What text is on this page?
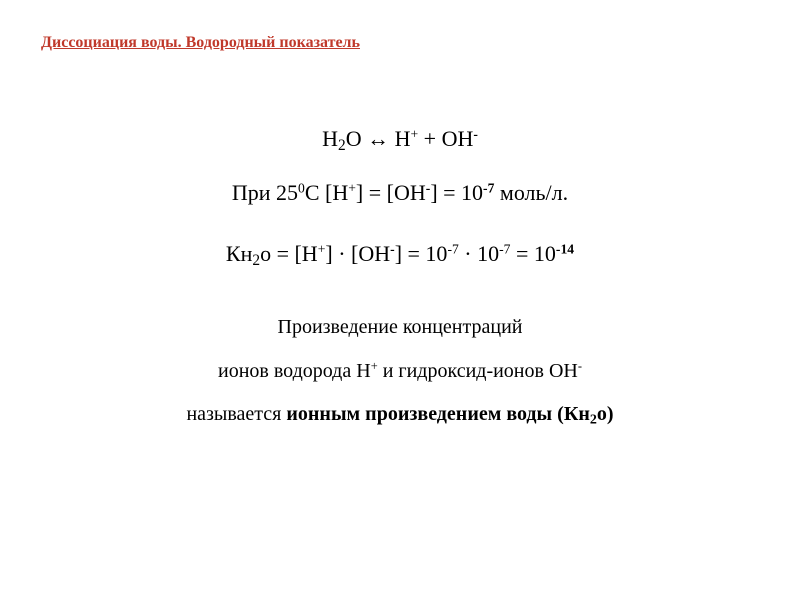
Диссоциация воды. Водородный показатель
$H_2O$ ↔ H+ + OH-
При $25^0С$ $[H^+] = [OH^-] = 10^{-7}$ моль/л.
$Кн_2о = [H^+] \cdot [OH^-] = 10^{-7} \cdot 10^{-7} = 10^{-14}$
Произведение концентраций
ионов водорода H+ и гидроксид-ионов OH-
называется ионным произведением воды $(Кн_2о)$
